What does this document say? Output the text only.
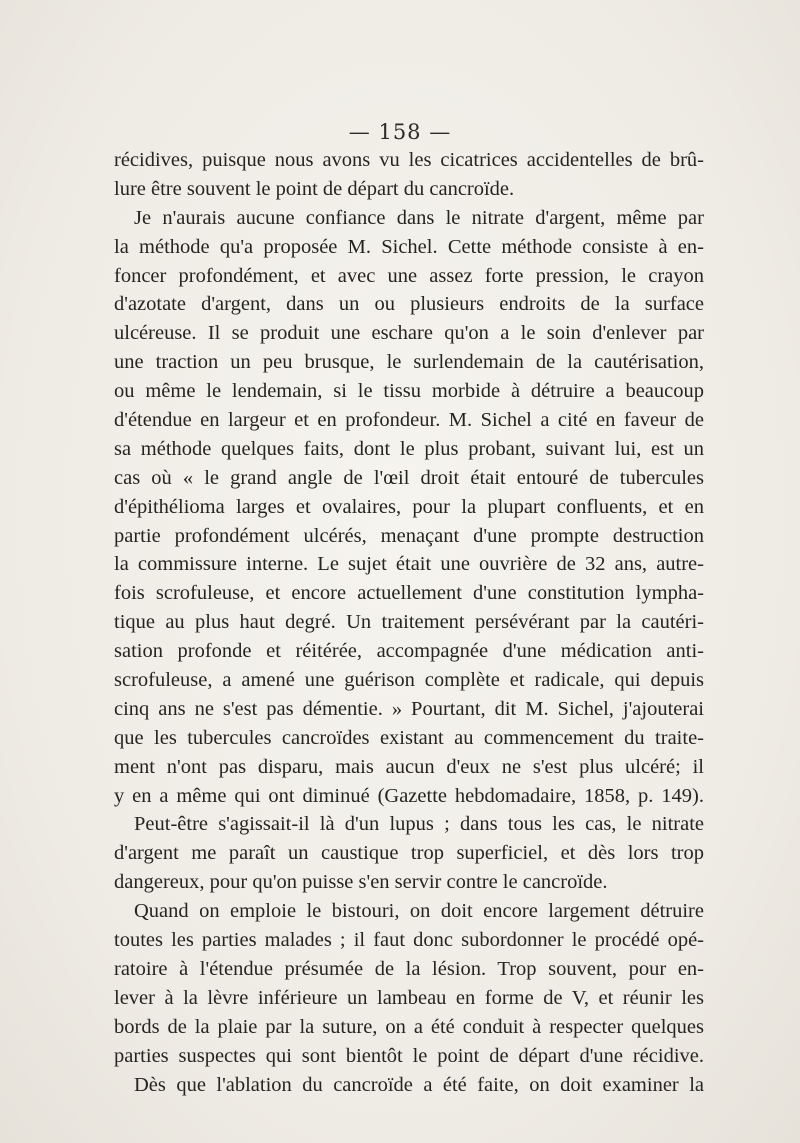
— 158 —
récidives, puisque nous avons vu les cicatrices accidentelles de brû-
lure être souvent le point de départ du cancroïde.
Je n'aurais aucune confiance dans le nitrate d'argent, même par
la méthode qu'a proposée M. Sichel. Cette méthode consiste à en-
foncer profondément, et avec une assez forte pression, le crayon
d'azotate d'argent, dans un ou plusieurs endroits de la surface
ulcéreuse. Il se produit une eschare qu'on a le soin d'enlever par
une traction un peu brusque, le surlendemain de la cautérisation,
ou même le lendemain, si le tissu morbide à détruire a beaucoup
d'étendue en largeur et en profondeur. M. Sichel a cité en faveur de
sa méthode quelques faits, dont le plus probant, suivant lui, est un
cas où « le grand angle de l'œil droit était entouré de tubercules
d'épithélioma larges et ovalaires, pour la plupart confluents, et en
partie profondément ulcérés, menaçant d'une prompte destruction
la commissure interne. Le sujet était une ouvrière de 32 ans, autre-
fois scrofuleuse, et encore actuellement d'une constitution lympha-
tique au plus haut degré. Un traitement persévérant par la cautéri-
sation profonde et réitérée, accompagnée d'une médication anti-
scrofuleuse, a amené une guérison complète et radicale, qui depuis
cinq ans ne s'est pas démentie. » Pourtant, dit M. Sichel, j'ajouterai
que les tubercules cancroïdes existant au commencement du traite-
ment n'ont pas disparu, mais aucun d'eux ne s'est plus ulcéré; il
y en a même qui ont diminué (Gazette hebdomadaire, 1858, p. 149).
Peut-être s'agissait-il là d'un lupus ; dans tous les cas, le nitrate
d'argent me paraît un caustique trop superficiel, et dès lors trop
dangereux, pour qu'on puisse s'en servir contre le cancroïde.
Quand on emploie le bistouri, on doit encore largement détruire
toutes les parties malades ; il faut donc subordonner le procédé opé-
ratoire à l'étendue présumée de la lésion. Trop souvent, pour en-
lever à la lèvre inférieure un lambeau en forme de V, et réunir les
bords de la plaie par la suture, on a été conduit à respecter quelques
parties suspectes qui sont bientôt le point de départ d'une récidive.
Dès que l'ablation du cancroïde a été faite, on doit examiner la
